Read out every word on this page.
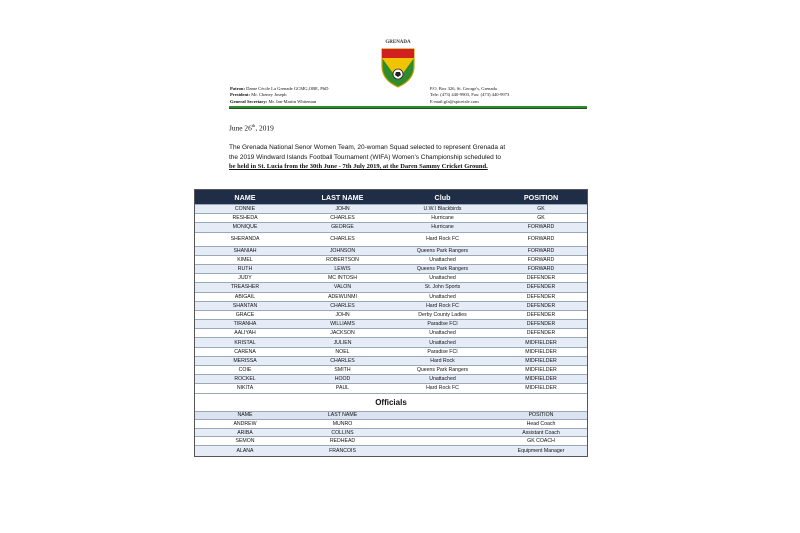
GRENADA
Patron: Dame Cécile La Grenade GCMG,OBE, PhD
President: Mr. Cheney Joseph
General Secretary: Mr. Ian-Martin Whiteman
P.O. Box 326, St. George's, Grenada
Tele: (473) 440-9903, Fax: (473) 440-9973
E-mail:gfa@spiceisle.com
June 26th, 2019
The Grenada National Senor Women Team, 20-woman Squad selected to represent Grenada at
the 2019 Windward Islands Football Tournament (WIFA) Women's Championship scheduled to
be held in St. Lucia from the 30th June - 7th July 2019, at the Daren Sammy Cricket Ground.
NAME	LAST NAME	Club	POSITION
CONNIE	JOHN	U.W.I Blackbirds	GK
RESHEDA	CHARLES	Hurricane	GK
MONIQUE	GEORGE	Hurricane	FORWARD
SHERANDA	CHARLES	Hard Rock FC	FORWARD
SHANIAH	JOHNSON	Queens Park Rangers	FORWARD
KIMEL	ROBERTSON	Unattached	FORWARD
RUTH	LEWIS	Queens Park Rangers	FORWARD
JUDY	MC INTOSH	Unattached	DEFENDER
TREASHER	VALON	St. John Sports	DEFENDER
ABIGAIL	ADEWUNMI	Unattached	DEFENDER
SHANTAN	CHARLES	Hard Rock FC	DEFENDER
GRACE	JOHN	Derby County Ladies	DEFENDER
TIRANHA	WILLIAMS	Paradise FCI	DEFENDER
AALIYAH	JACKSON	Unattached	DEFENDER
KRISTAL	JULIEN	Unattached	MIDFIELDER
CARENA	NOEL	Paradise FCI	MIDFIELDER
MERISSA	CHARLES	Hard Rock	MIDFIELDER
COIE	SMITH	Queens Park Rangers	MIDFIELDER
ROCKEL	HOOD	Unattached	MIDFIELDER
NIKITA	PAUL	Hard Rock FC	MIDFIELDER
Officials
NAME	LAST NAME	POSITION
ANDREW	MUNRO	Head Coach
ARIBA	COLLINS	Assistant Coach
SEMON	REDHEAD	GK COACH
ALANA	FRANCOIS	Equipment Manager
